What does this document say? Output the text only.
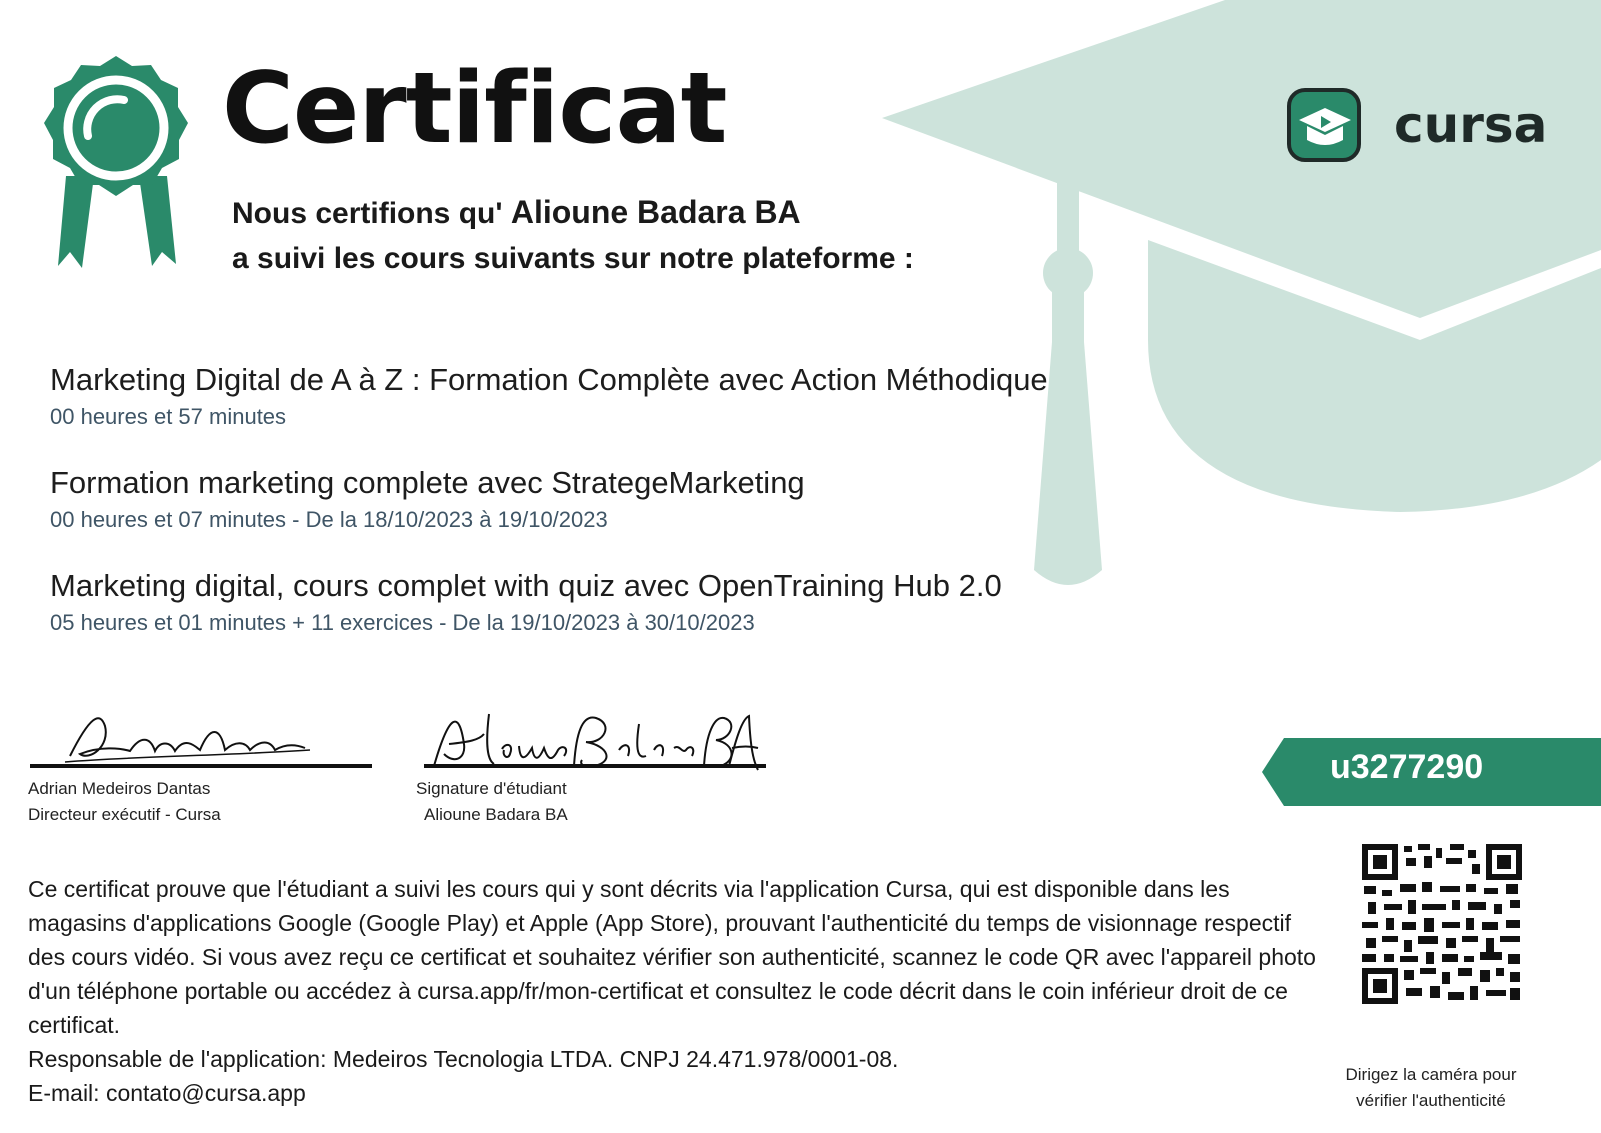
Certificat
Nous certifions qu' Alioune Badara BA
a suivi les cours suivants sur notre plateforme :
cursa
Marketing Digital de A à Z : Formation Complète avec Action Méthodique
00 heures et 57 minutes
Formation marketing complete avec StrategeMarketing
00 heures et 07 minutes - De la 18/10/2023 à 19/10/2023
Marketing digital, cours complet with quiz avec OpenTraining Hub 2.0
05 heures et 01 minutes + 11 exercices - De la 19/10/2023 à 30/10/2023
Adrian Medeiros Dantas
Directeur exécutif - Cursa
Signature d'étudiant
Alioune Badara BA
u3277290
Ce certificat prouve que l'étudiant a suivi les cours qui y sont décrits via l'application Cursa, qui est disponible dans les magasins d'applications Google (Google Play) et Apple (App Store), prouvant l'authenticité du temps de visionnage respectif des cours vidéo. Si vous avez reçu ce certificat et souhaitez vérifier son authenticité, scannez le code QR avec l'appareil photo d'un téléphone portable ou accédez à cursa.app/fr/mon-certificat et consultez le code décrit dans le coin inférieur droit de ce certificat.
Responsable de l'application: Medeiros Tecnologia LTDA. CNPJ 24.471.978/0001-08.
E-mail: contato@cursa.app
Dirigez la caméra pour
vérifier l'authenticité
